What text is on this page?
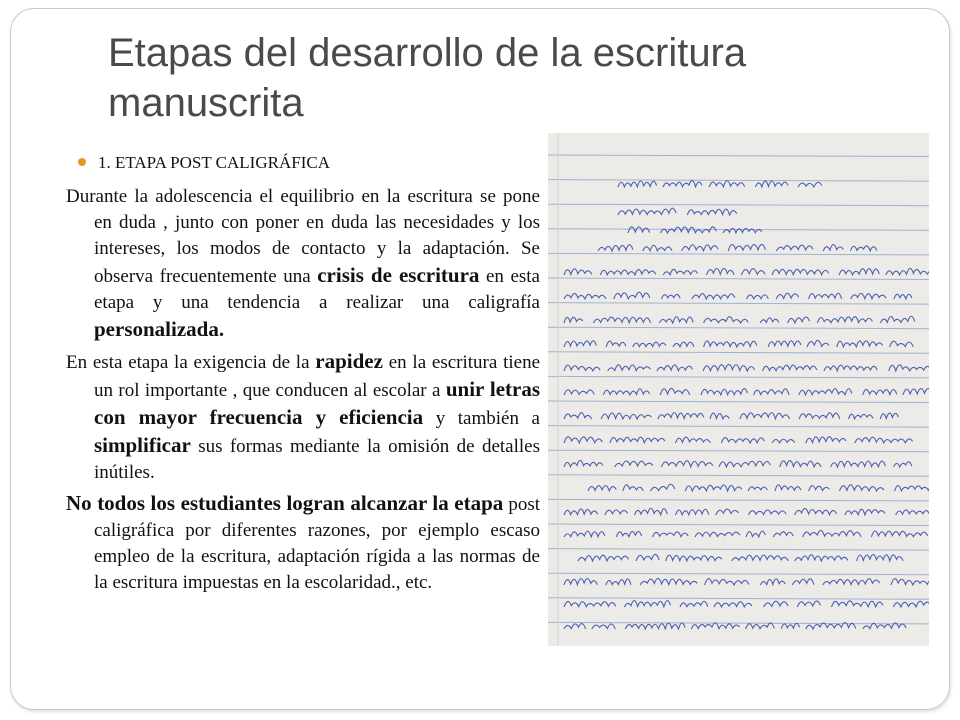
Etapas del desarrollo de la escritura
manuscrita
1. ETAPA POST CALIGRÁFICA

Durante la adolescencia el equilibrio en la escritura se pone en duda , junto con poner en duda las necesidades y los intereses, los modos de contacto y la adaptación. Se observa frecuentemente una crisis de escritura en esta etapa y una tendencia a realizar una caligrafía personalizada.

En esta etapa la exigencia de la rapidez en la escritura tiene un rol importante , que conducen al escolar a unir letras con mayor frecuencia y eficiencia y también a simplificar sus formas mediante la omisión de detalles inútiles.

No todos los estudiantes logran alcanzar la etapa post caligráfica por diferentes razones, por ejemplo escaso empleo de la escritura, adaptación rígida a las normas de la escritura impuestas en la escolaridad., etc.
